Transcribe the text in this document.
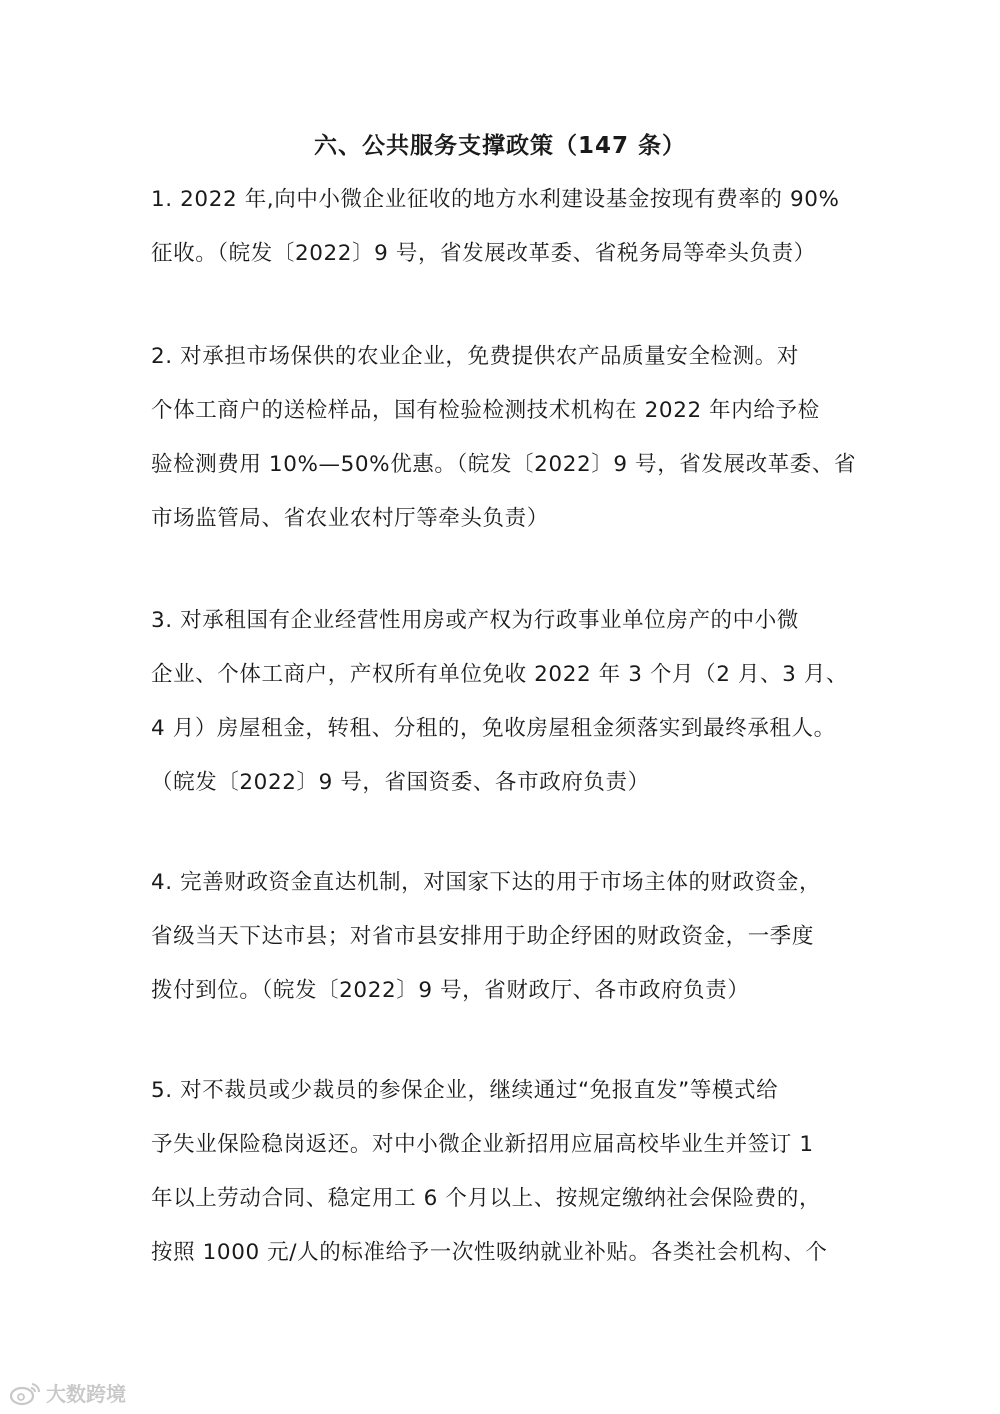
六、公共服务支撑政策（147 条）

1. 2022 年,向中小微企业征收的地方水利建设基金按现有费率的 90%
征收。（皖发〔2022〕9 号，省发展改革委、省税务局等牵头负责）

2. 对承担市场保供的农业企业，免费提供农产品质量安全检测。对
个体工商户的送检样品，国有检验检测技术机构在 2022 年内给予检
验检测费用 10%—50%优惠。（皖发〔2022〕9 号，省发展改革委、省
市场监管局、省农业农村厅等牵头负责）

3. 对承租国有企业经营性用房或产权为行政事业单位房产的中小微
企业、个体工商户，产权所有单位免收 2022 年 3 个月（2 月、3 月、
4 月）房屋租金，转租、分租的，免收房屋租金须落实到最终承租人。
（皖发〔2022〕9 号，省国资委、各市政府负责）

4. 完善财政资金直达机制，对国家下达的用于市场主体的财政资金，
省级当天下达市县；对省市县安排用于助企纾困的财政资金，一季度
拨付到位。（皖发〔2022〕9 号，省财政厅、各市政府负责）

5. 对不裁员或少裁员的参保企业，继续通过“免报直发”等模式给
予失业保险稳岗返还。对中小微企业新招用应届高校毕业生并签订 1
年以上劳动合同、稳定用工 6 个月以上、按规定缴纳社会保险费的，
按照 1000 元/人的标准给予一次性吸纳就业补贴。各类社会机构、个

大数跨境
